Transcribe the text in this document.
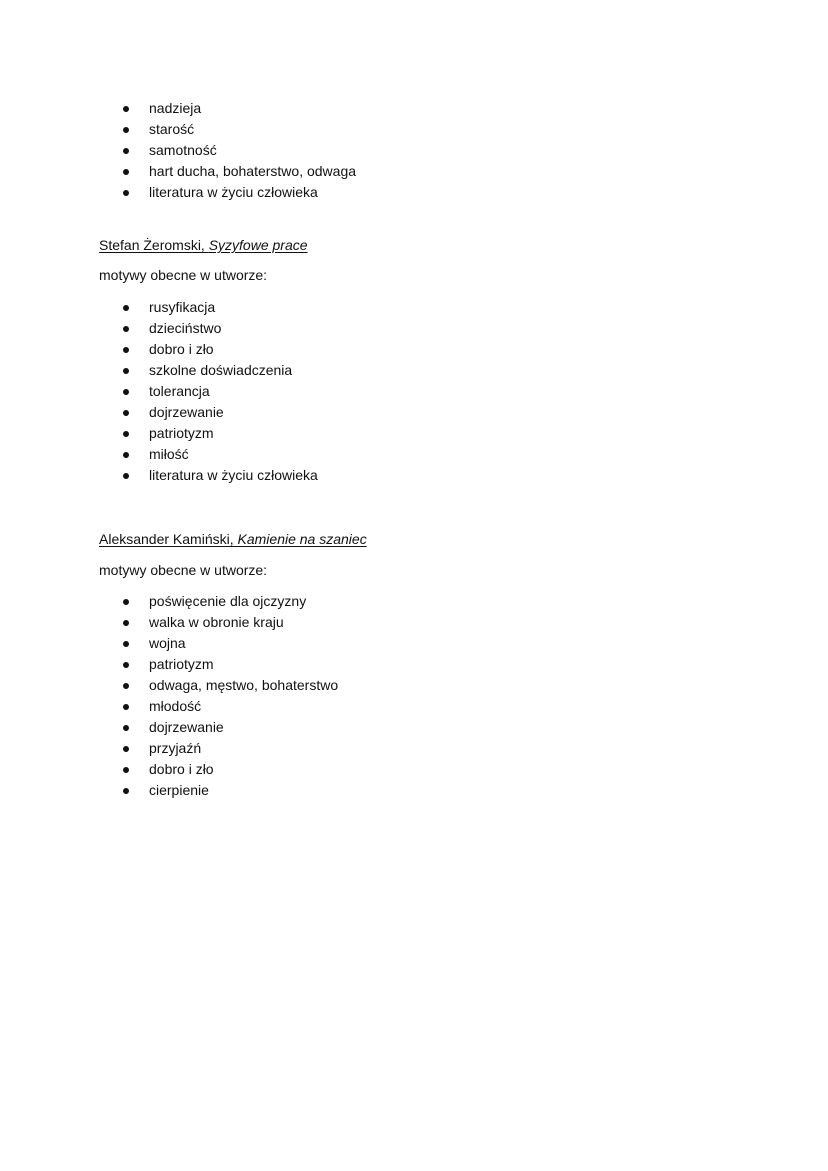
nadzieja
starość
samotność
hart ducha, bohaterstwo, odwaga
literatura w życiu człowieka
Stefan Żeromski, Syzyfowe prace
motywy obecne w utworze:
rusyfikacja
dzieciństwo
dobro i zło
szkolne doświadczenia
tolerancja
dojrzewanie
patriotyzm
miłość
literatura w życiu człowieka
Aleksander Kamiński, Kamienie na szaniec
motywy obecne w utworze:
poświęcenie dla ojczyzny
walka w obronie kraju
wojna
patriotyzm
odwaga, męstwo, bohaterstwo
młodość
dojrzewanie
przyjaźń
dobro i zło
cierpienie
